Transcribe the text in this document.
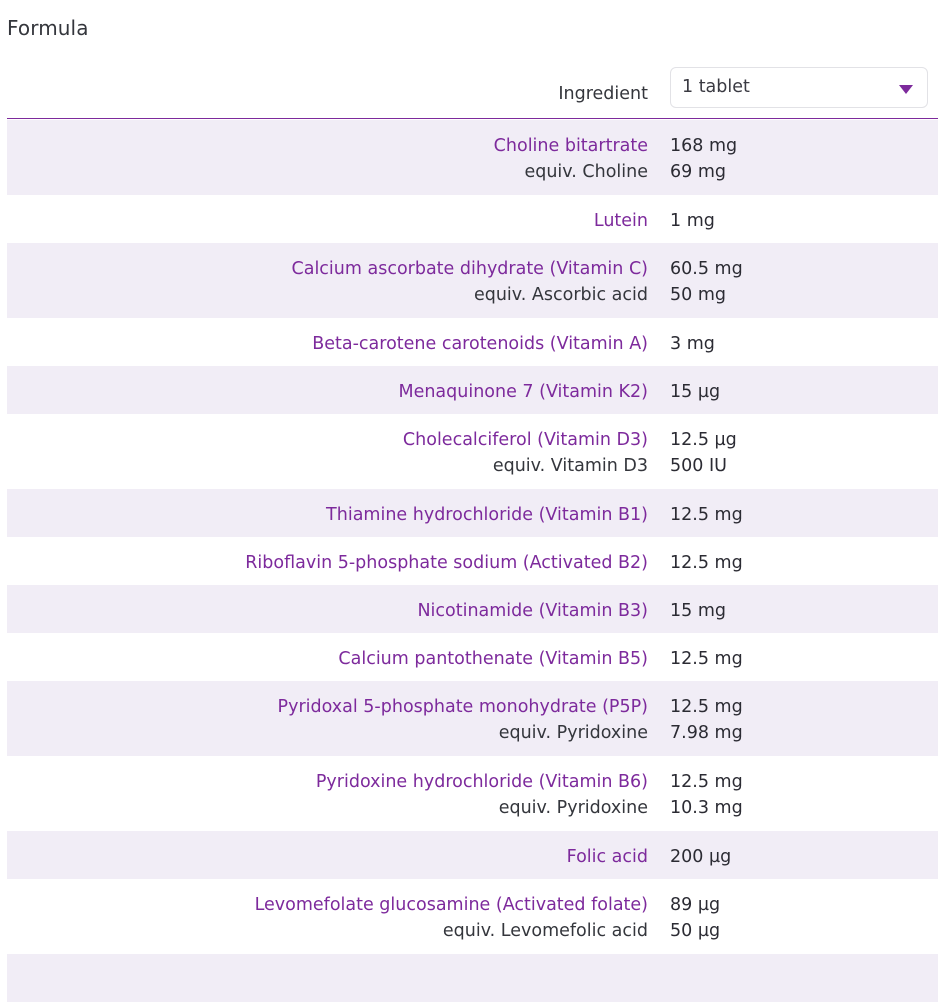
Formula
Ingredient 1 tablet
Choline bitartrate
equiv. Choline
168 mg
69 mg
Lutein 1 mg
Calcium ascorbate dihydrate (Vitamin C)
equiv. Ascorbic acid
60.5 mg
50 mg
Beta-carotene carotenoids (Vitamin A) 3 mg
Menaquinone 7 (Vitamin K2) 15 µg
Cholecalciferol (Vitamin D3)
equiv. Vitamin D3
12.5 µg
500 IU
Thiamine hydrochloride (Vitamin B1) 12.5 mg
Riboflavin 5-phosphate sodium (Activated B2) 12.5 mg
Nicotinamide (Vitamin B3) 15 mg
Calcium pantothenate (Vitamin B5) 12.5 mg
Pyridoxal 5-phosphate monohydrate (P5P)
equiv. Pyridoxine
12.5 mg
7.98 mg
Pyridoxine hydrochloride (Vitamin B6)
equiv. Pyridoxine
12.5 mg
10.3 mg
Folic acid 200 µg
Levomefolate glucosamine (Activated folate)
equiv. Levomefolic acid
89 µg
50 µg
